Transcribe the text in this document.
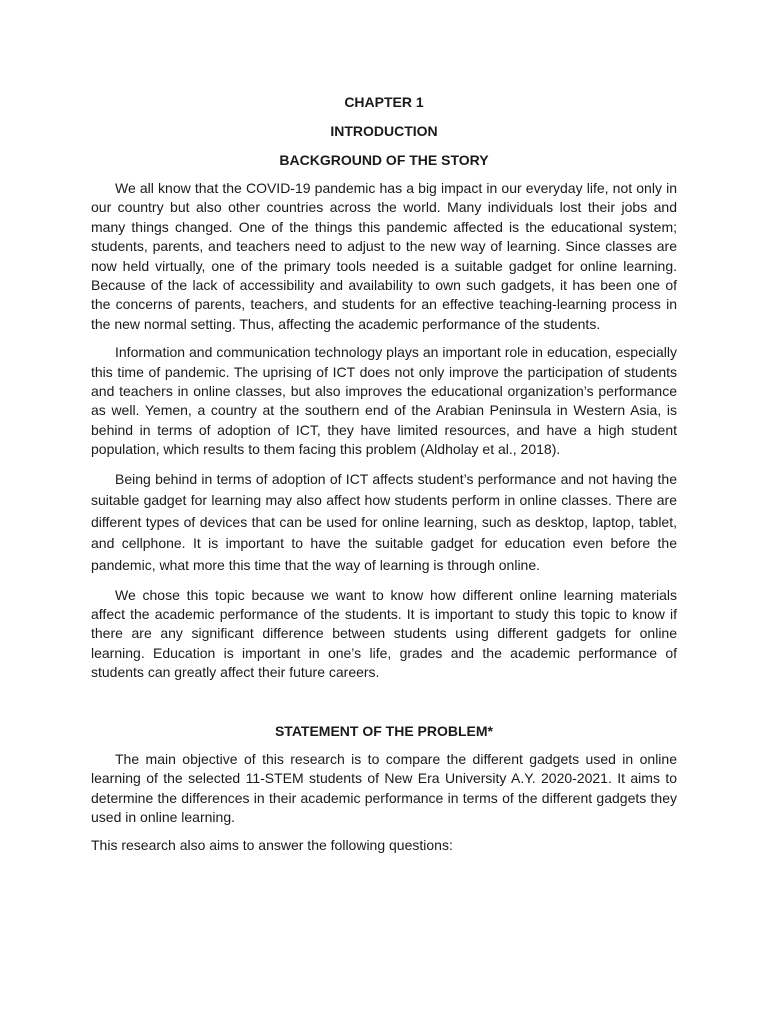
CHAPTER 1

INTRODUCTION

BACKGROUND OF THE STORY

We all know that the COVID-19 pandemic has a big impact in our everyday life, not only in our country but also other countries across the world. Many individuals lost their jobs and many things changed. One of the things this pandemic affected is the educational system; students, parents, and teachers need to adjust to the new way of learning. Since classes are now held virtually, one of the primary tools needed is a suitable gadget for online learning. Because of the lack of accessibility and availability to own such gadgets, it has been one of the concerns of parents, teachers, and students for an effective teaching-learning process in the new normal setting. Thus, affecting the academic performance of the students.

Information and communication technology plays an important role in education, especially this time of pandemic. The uprising of ICT does not only improve the participation of students and teachers in online classes, but also improves the educational organization’s performance as well. Yemen, a country at the southern end of the Arabian Peninsula in Western Asia, is behind in terms of adoption of ICT, they have limited resources, and have a high student population, which results to them facing this problem (Aldholay et al., 2018).

Being behind in terms of adoption of ICT affects student’s performance and not having the suitable gadget for learning may also affect how students perform in online classes. There are different types of devices that can be used for online learning, such as desktop, laptop, tablet, and cellphone. It is important to have the suitable gadget for education even before the pandemic, what more this time that the way of learning is through online.

We chose this topic because we want to know how different online learning materials affect the academic performance of the students. It is important to study this topic to know if there are any significant difference between students using different gadgets for online learning. Education is important in one’s life, grades and the academic performance of students can greatly affect their future careers.

STATEMENT OF THE PROBLEM*

The main objective of this research is to compare the different gadgets used in online learning of the selected 11-STEM students of New Era University A.Y. 2020-2021. It aims to determine the differences in their academic performance in terms of the different gadgets they used in online learning.

This research also aims to answer the following questions:
